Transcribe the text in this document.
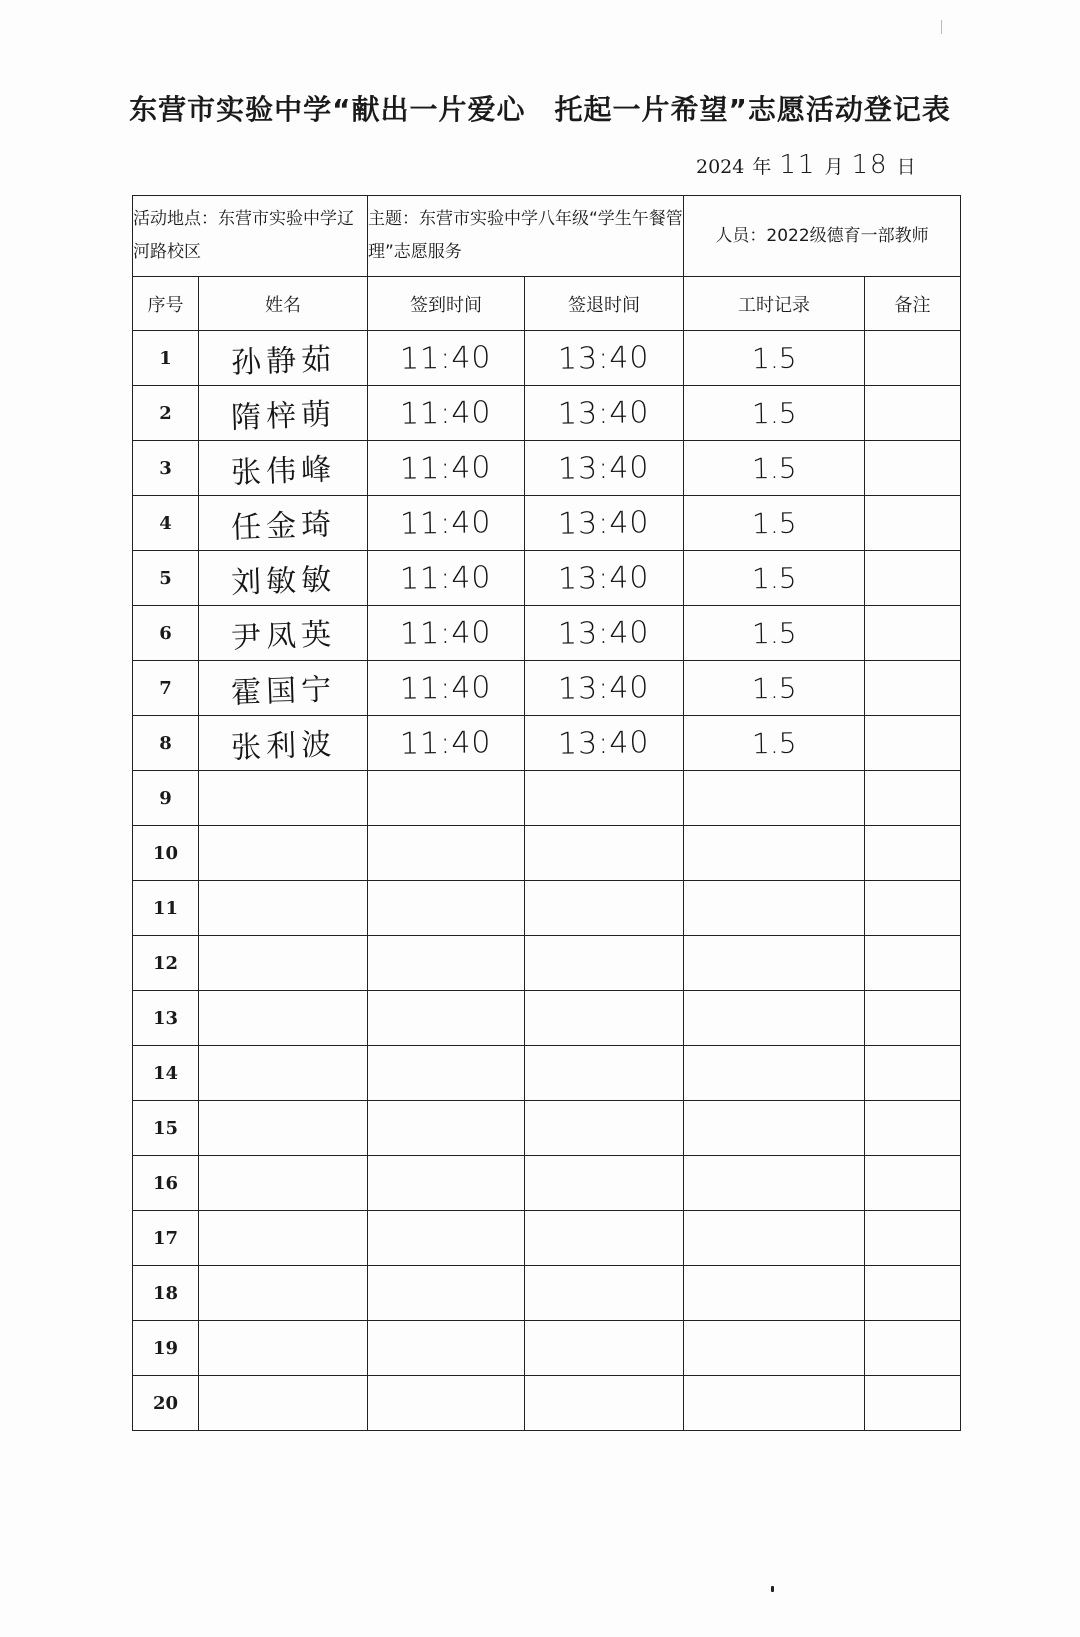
东营市实验中学“献出一片爱心　托起一片希望”志愿活动登记表
2024 年 11 月 18 日
活动地点：东营市实验中学辽河路校区		主题：东营市实验中学八年级“学生午餐管理”志愿服务		人员：2022级德育一部教师	
序号	姓名	签到时间	签退时间	工时记录	备注
1	孙静茹	11:40	13:40	1.5	
2	隋梓萌	11:40	13:40	1.5	
3	张伟峰	11:40	13:40	1.5	
4	任金琦	11:40	13:40	1.5	
5	刘敏敏	11:40	13:40	1.5	
6	尹凤英	11:40	13:40	1.5	
7	霍国宁	11:40	13:40	1.5	
8	张利波	11:40	13:40	1.5	
9					
10					
11					
12					
13					
14					
15					
16					
17					
18					
19					
20					
